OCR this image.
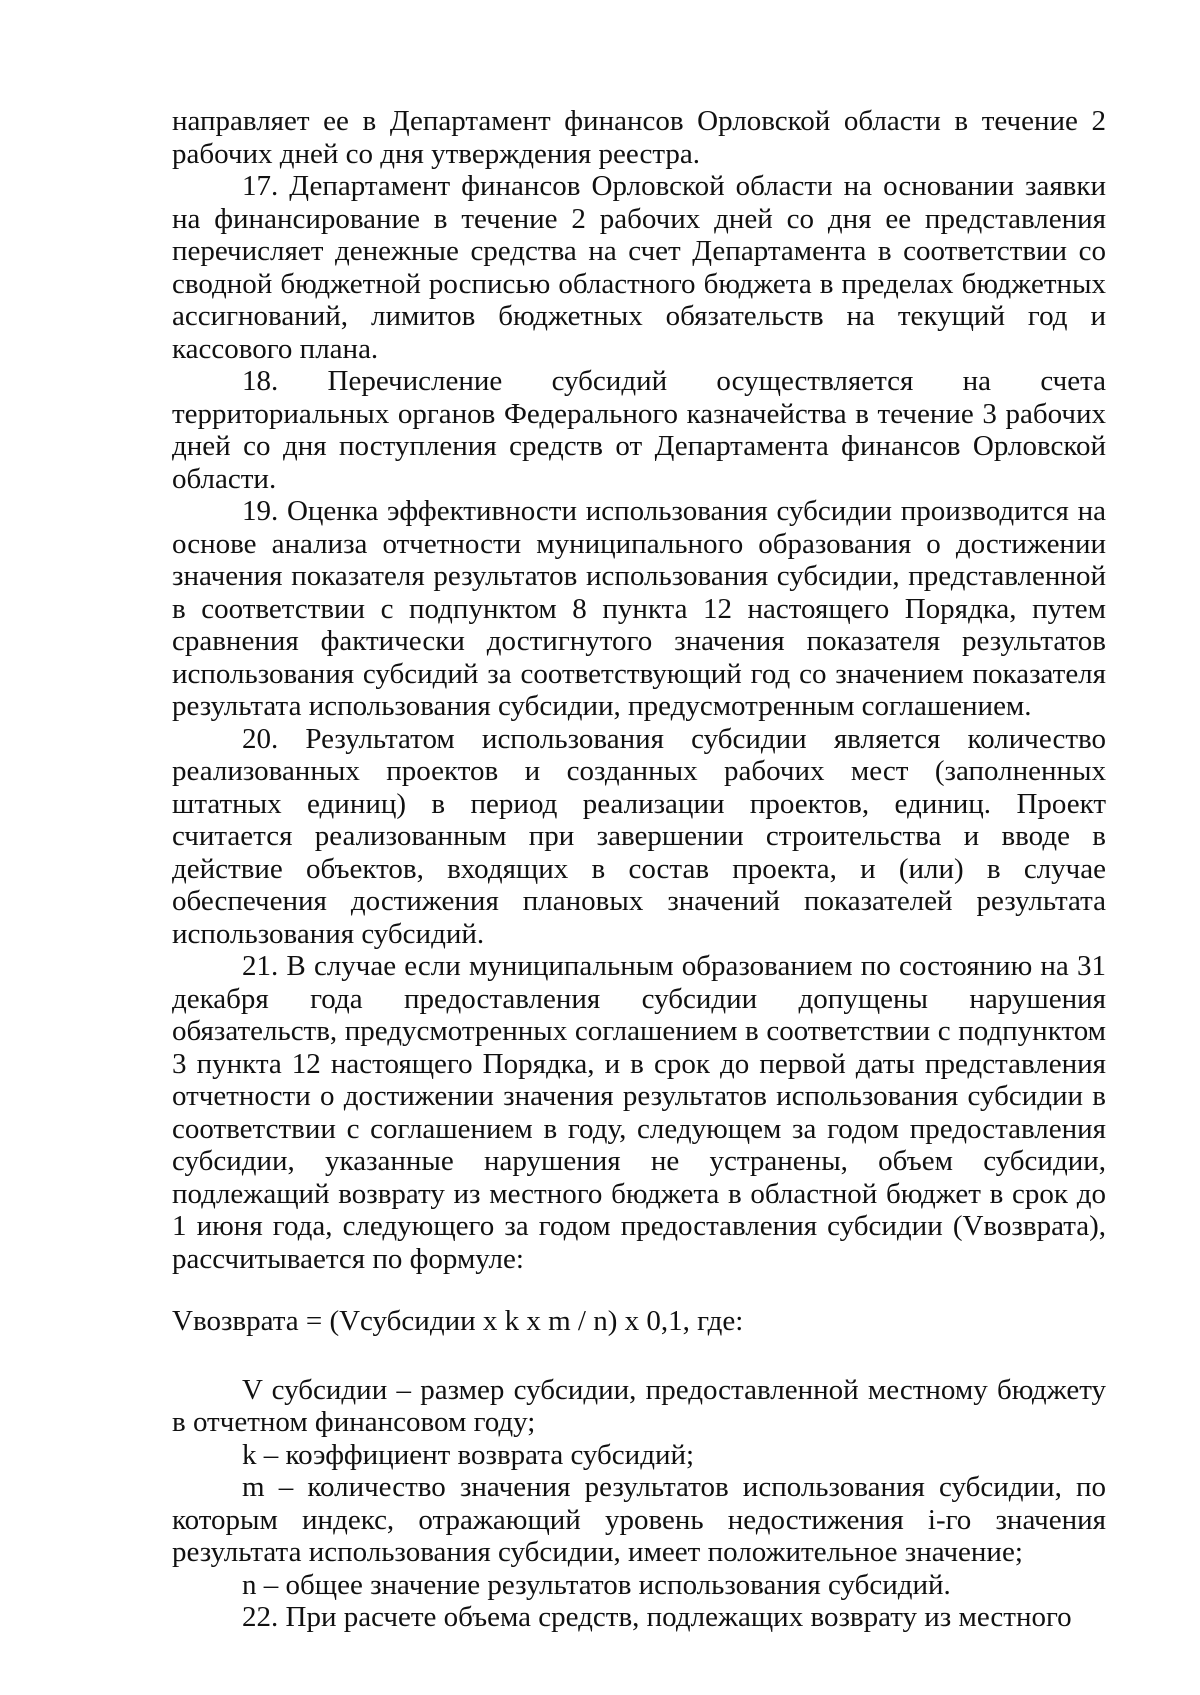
направляет ее в Департамент финансов Орловской области в течение 2 рабочих дней со дня утверждения реестра.

17. Департамент финансов Орловской области на основании заявки на финансирование в течение 2 рабочих дней со дня ее представления перечисляет денежные средства на счет Департамента в соответствии со сводной бюджетной росписью областного бюджета в пределах бюджетных ассигнований, лимитов бюджетных обязательств на текущий год и кассового плана.

18. Перечисление субсидий осуществляется на счета территориальных органов Федерального казначейства в течение 3 рабочих дней со дня поступления средств от Департамента финансов Орловской области.

19. Оценка эффективности использования субсидии производится на основе анализа отчетности муниципального образования о достижении значения показателя результатов использования субсидии, представленной в соответствии с подпунктом 8 пункта 12 настоящего Порядка, путем сравнения фактически достигнутого значения показателя результатов использования субсидий за соответствующий год со значением показателя результата использования субсидии, предусмотренным соглашением.

20. Результатом использования субсидии является количество реализованных проектов и созданных рабочих мест (заполненных штатных единиц) в период реализации проектов, единиц. Проект считается реализованным при завершении строительства и вводе в действие объектов, входящих в состав проекта, и (или) в случае обеспечения достижения плановых значений показателей результата использования субсидий.

21. В случае если муниципальным образованием по состоянию на 31 декабря года предоставления субсидии допущены нарушения обязательств, предусмотренных соглашением в соответствии с подпунктом 3 пункта 12 настоящего Порядка, и в срок до первой даты представления отчетности о достижении значения результатов использования субсидии в соответствии с соглашением в году, следующем за годом предоставления субсидии, указанные нарушения не устранены, объем субсидии, подлежащий возврату из местного бюджета в областной бюджет в срок до 1 июня года, следующего за годом предоставления субсидии (Vвозврата), рассчитывается по формуле:

Vвозврата = (Vсубсидии x k x m / n) x 0,1, где:

V субсидии – размер субсидии, предоставленной местному бюджету в отчетном финансовом году;

k – коэффициент возврата субсидий;

m – количество значения результатов использования субсидии, по которым индекс, отражающий уровень недостижения i-го значения результата использования субсидии, имеет положительное значение;

n – общее значение результатов использования субсидий.

22. При расчете объема средств, подлежащих возврату из местного
